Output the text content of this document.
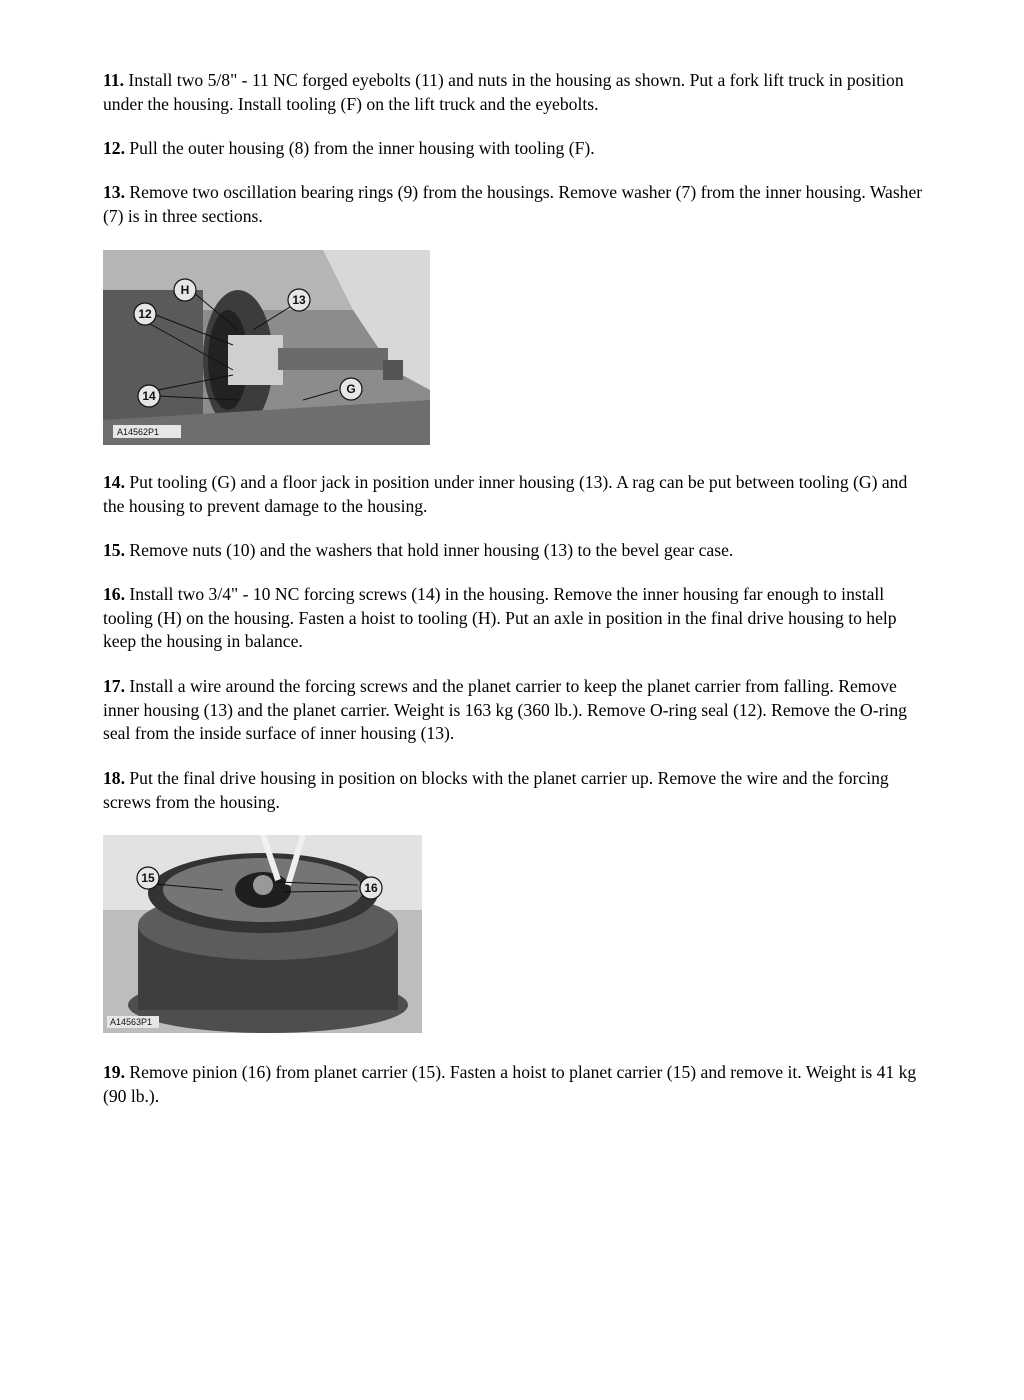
11. Install two 5/8" - 11 NC forged eyebolts (11) and nuts in the housing as shown. Put a fork lift truck in position under the housing. Install tooling (F) on the lift truck and the eyebolts.

12. Pull the outer housing (8) from the inner housing with tooling (F).

13. Remove two oscillation bearing rings (9) from the housings. Remove washer (7) from the inner housing. Washer (7) is in three sections.

H
12
13
14	G
A14562P1

14. Put tooling (G) and a floor jack in position under inner housing (13). A rag can be put between tooling (G) and the housing to prevent damage to the housing.

15. Remove nuts (10) and the washers that hold inner housing (13) to the bevel gear case.

16. Install two 3/4" - 10 NC forcing screws (14) in the housing. Remove the inner housing far enough to install tooling (H) on the housing. Fasten a hoist to tooling (H). Put an axle in position in the final drive housing to help keep the housing in balance.

17. Install a wire around the forcing screws and the planet carrier to keep the planet carrier from falling. Remove inner housing (13) and the planet carrier. Weight is 163 kg (360 lb.). Remove O-ring seal (12). Remove the O-ring seal from the inside surface of inner housing (13).

18. Put the final drive housing in position on blocks with the planet carrier up. Remove the wire and the forcing screws from the housing.

15
16
A14563P1

19. Remove pinion (16) from planet carrier (15). Fasten a hoist to planet carrier (15) and remove it. Weight is 41 kg (90 lb.).
